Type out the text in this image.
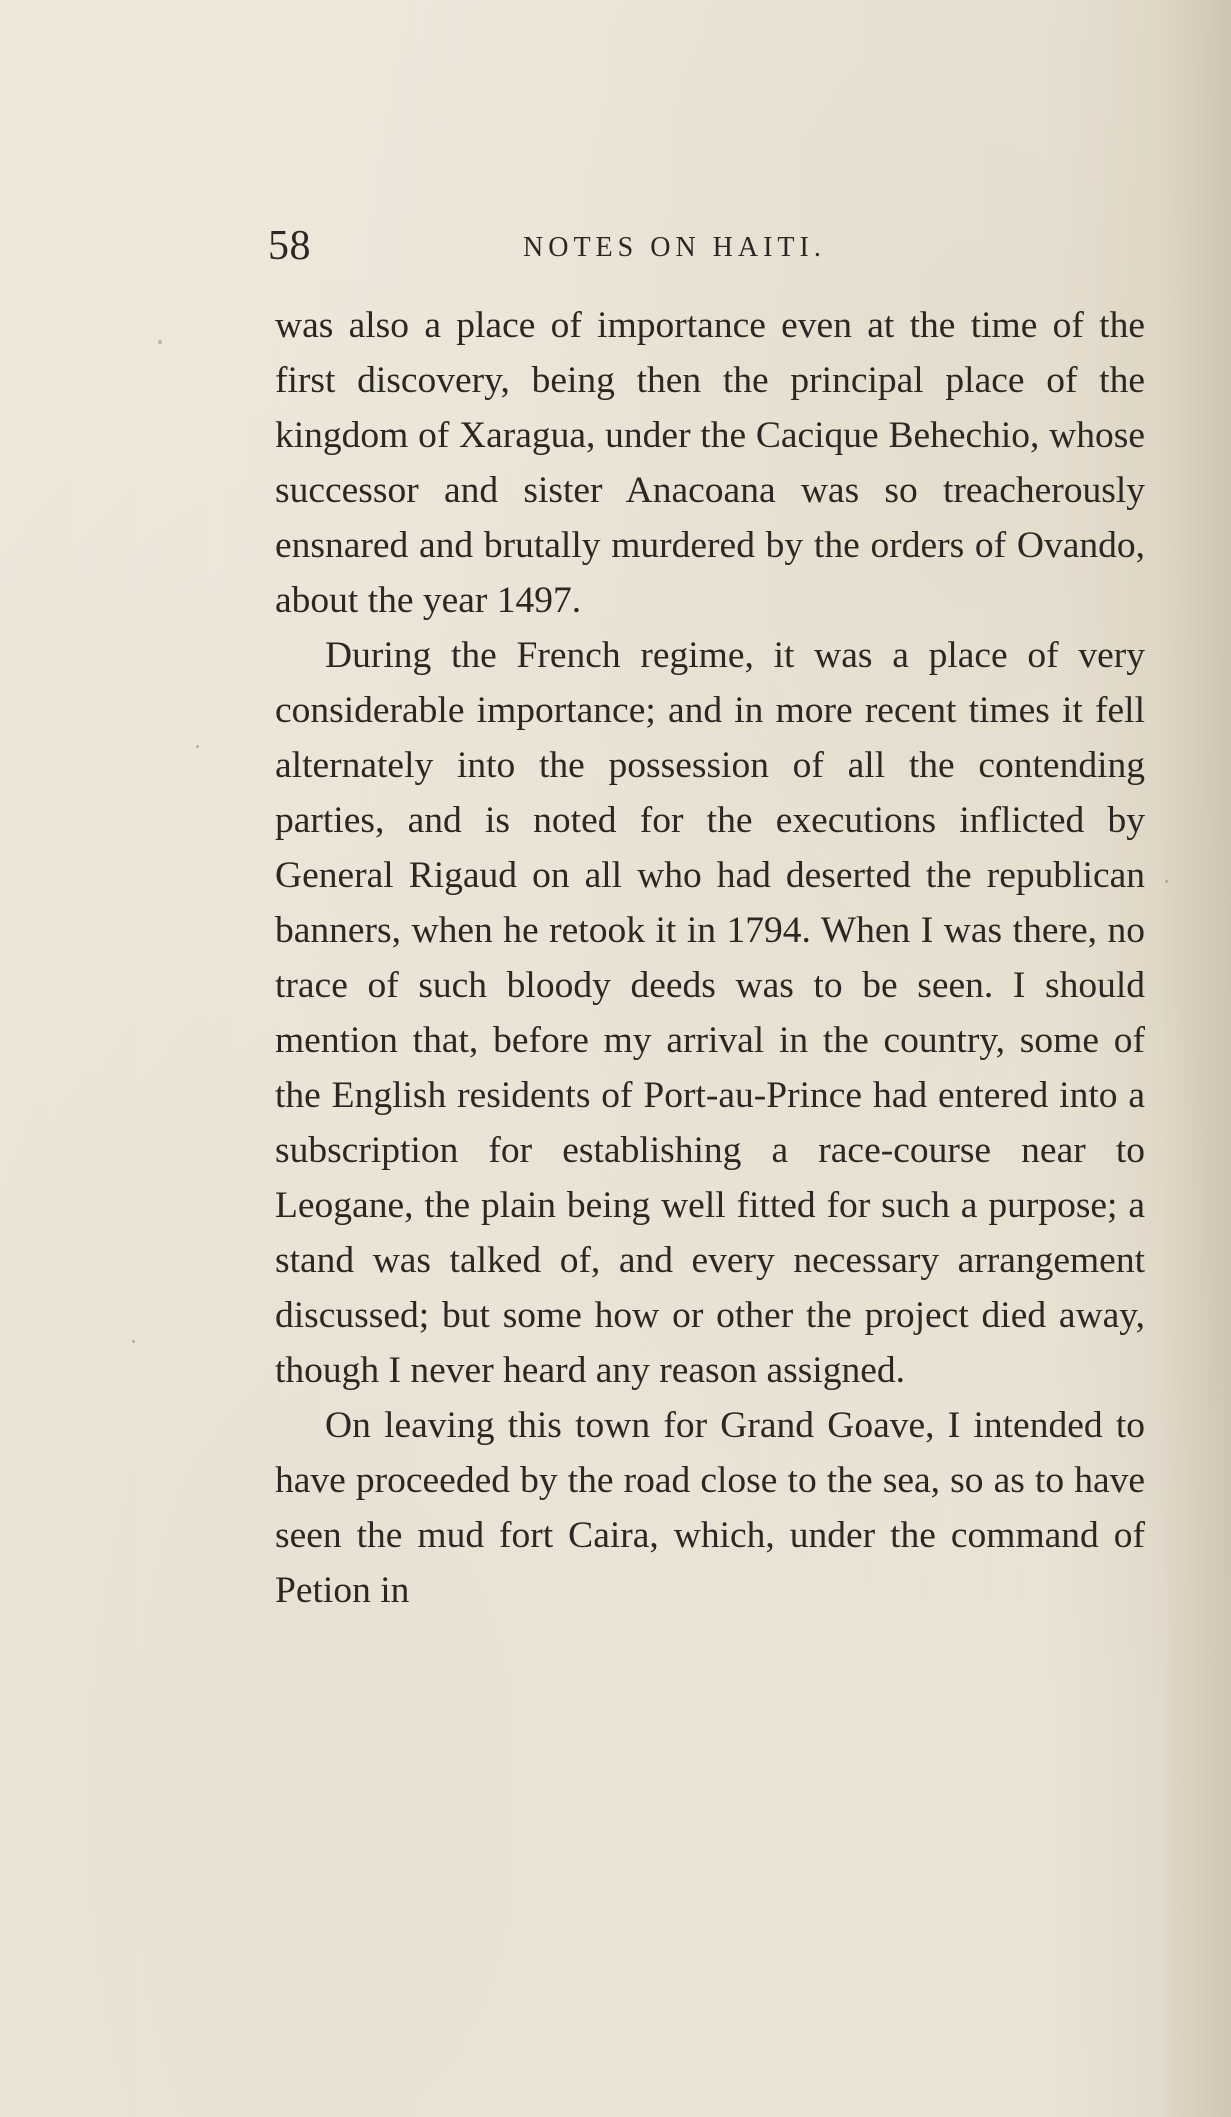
58	NOTES ON HAITI.

was also a place of importance even at the time of the first discovery, being then the principal place of the kingdom of Xaragua, under the Cacique Behechio, whose successor and sister Anacoana was so treacherously ensnared and brutally murdered by the orders of Ovando, about the year 1497.

During the French regime, it was a place of very considerable importance; and in more recent times it fell alternately into the possession of all the contending parties, and is noted for the executions inflicted by General Rigaud on all who had deserted the republican banners, when he retook it in 1794. When I was there, no trace of such bloody deeds was to be seen. I should mention that, before my arrival in the country, some of the English residents of Port-au-Prince had entered into a subscription for establishing a race-course near to Leogane, the plain being well fitted for such a purpose; a stand was talked of, and every necessary arrangement discussed; but some how or other the project died away, though I never heard any reason assigned.

On leaving this town for Grand Goave, I intended to have proceeded by the road close to the sea, so as to have seen the mud fort Caira, which, under the command of Petion in
